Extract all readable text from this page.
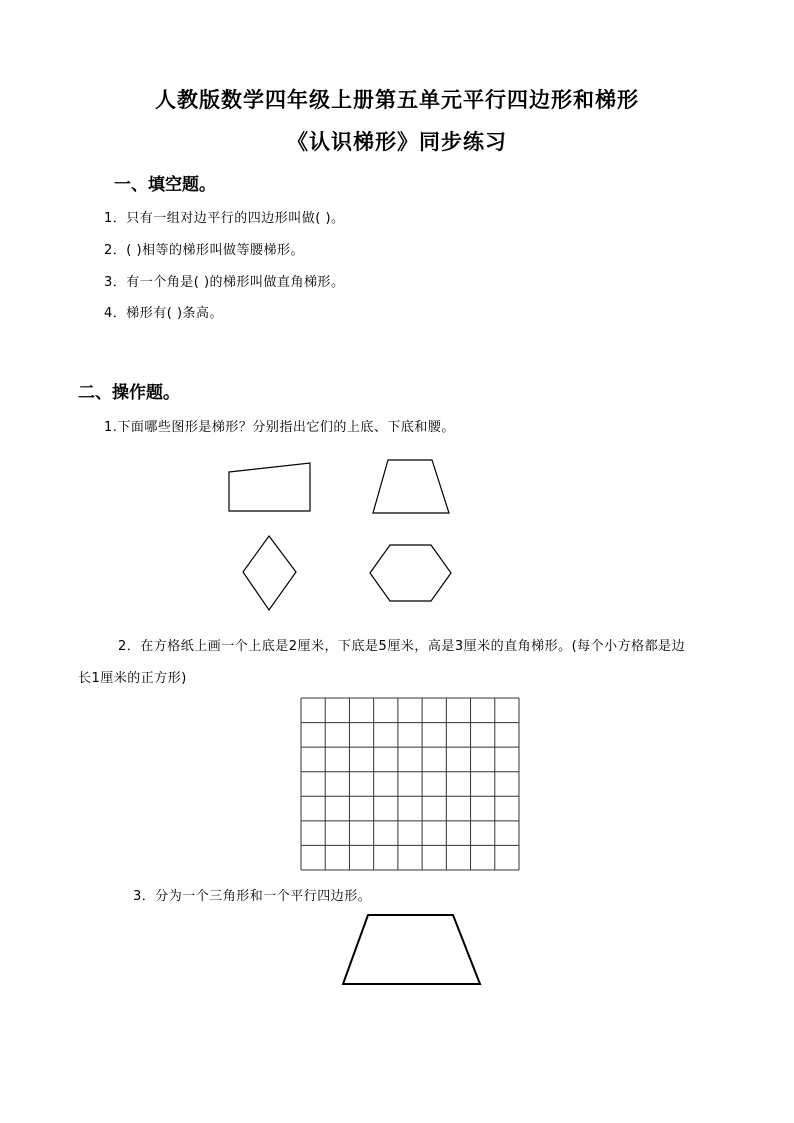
人教版数学四年级上册第五单元平行四边形和梯形
《认识梯形》同步练习
一、填空题。
1．只有一组对边平行的四边形叫做( )。
2．( )相等的梯形叫做等腰梯形。
3．有一个角是( )的梯形叫做直角梯形。
4．梯形有( )条高。
二、操作题。
1.下面哪些图形是梯形？分别指出它们的上底、下底和腰。
2．在方格纸上画一个上底是2厘米，下底是5厘米，高是3厘米的直角梯形。(每个小方格都是边
长1厘米的正方形)
3．分为一个三角形和一个平行四边形。
